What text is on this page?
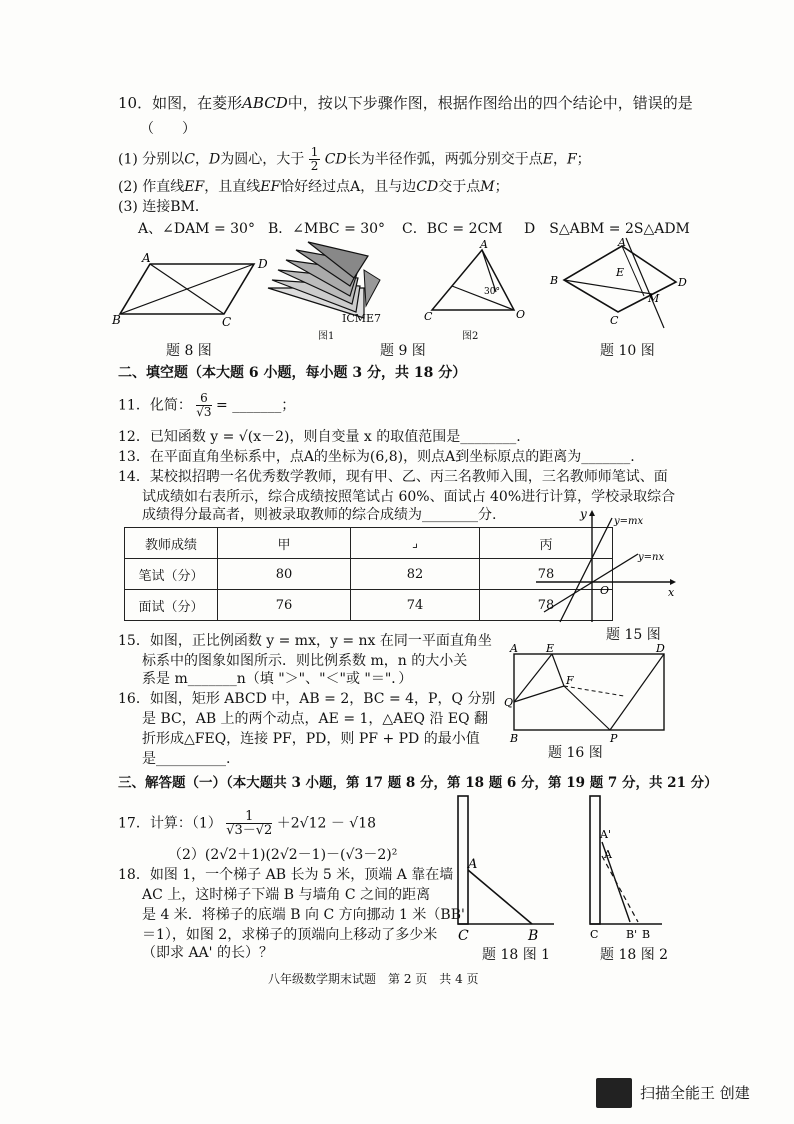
10．如图，在菱形ABCD中，按以下步骤作图，根据作图给出的四个结论中，错误的是
（　　）
(1) 分别以C，D为圆心，大于 $\frac{1}{2}$ CD长为半径作弧，两弧分别交于点E，F；
(2) 作直线EF，且直线EF恰好经过点A，且与边CD交于点M；
(3) 连接BM．
A、∠DAM = 30° B．∠MBC = 30° C．BC = 2CM D　S△ABM = 2S△ADM
A	D
B	C
题 8 图
ICME7
图1
A
30°
C	O
图2
题 9 图
A
E
D
B
M
C
题 10 图
二、填空题（本大题 6 小题，每小题 3 分，共 18 分）
11．化简： $\frac{6}{√3}$ = _______；
12．已知函数 y = √(x－2)，则自变量 x 的取值范围是________.
13．在平面直角坐标系中，点A的坐标为(6,8)，则点A到坐标原点的距离为_______.
14．某校拟招聘一名优秀数学教师，现有甲、乙、丙三名教师入围，三名教师师笔试、面
试成绩如右表所示，综合成绩按照笔试占 60%、面试占 40%进行计算，学校录取综合
成绩得分最高者，则被录取教师的综合成绩为________分.
教师成绩	甲	⌟	丙
笔试（分）	80	82	78
面试（分）	76	74	78
y
y=mx
y=nx
O	x
题 15 图
15．如图，正比例函数 y = mx，y = nx 在同一平面直角坐
标系中的图象如图所示．则比例系数 m，n 的大小关
系是 m_______n（填 "＞"、"＜"或 "＝"．）
A	E	D
F
Q
B	P
题 16 图
16．如图，矩形 ABCD 中，AB = 2，BC = 4，P，Q 分别
是 BC，AB 上的两个动点，AE = 1，△AEQ 沿 EQ 翻
折形成△FEQ，连接 PF，PD，则 PF + PD 的最小值
是__________.
三、解答题（一）（本大题共 3 小题，第 17 题 8 分，第 18 题 6 分，第 19 题 7 分，共 21 分）
17．计算：$(1) \frac{1}{√3-√2} +2√12 - √18$
（2）(2√2＋1)(2√2－1)－(√3－2)²
18．如图 1，一个梯子 AB 长为 5 米，顶端 A 靠在墙
AC 上，这时梯子下端 B 与墙角 C 之间的距离
是 4 米．将梯子的底端 B 向 C 方向挪动 1 米（BB'
＝1），如图 2，求梯子的顶端向上移动了多少米
（即求 AA' 的长）？
A
C	B
题 18 图 1
A'
A
C	B' B
题 18 图 2
八年级数学期末试题　第 2 页　共 4 页
扫描全能王 创建
